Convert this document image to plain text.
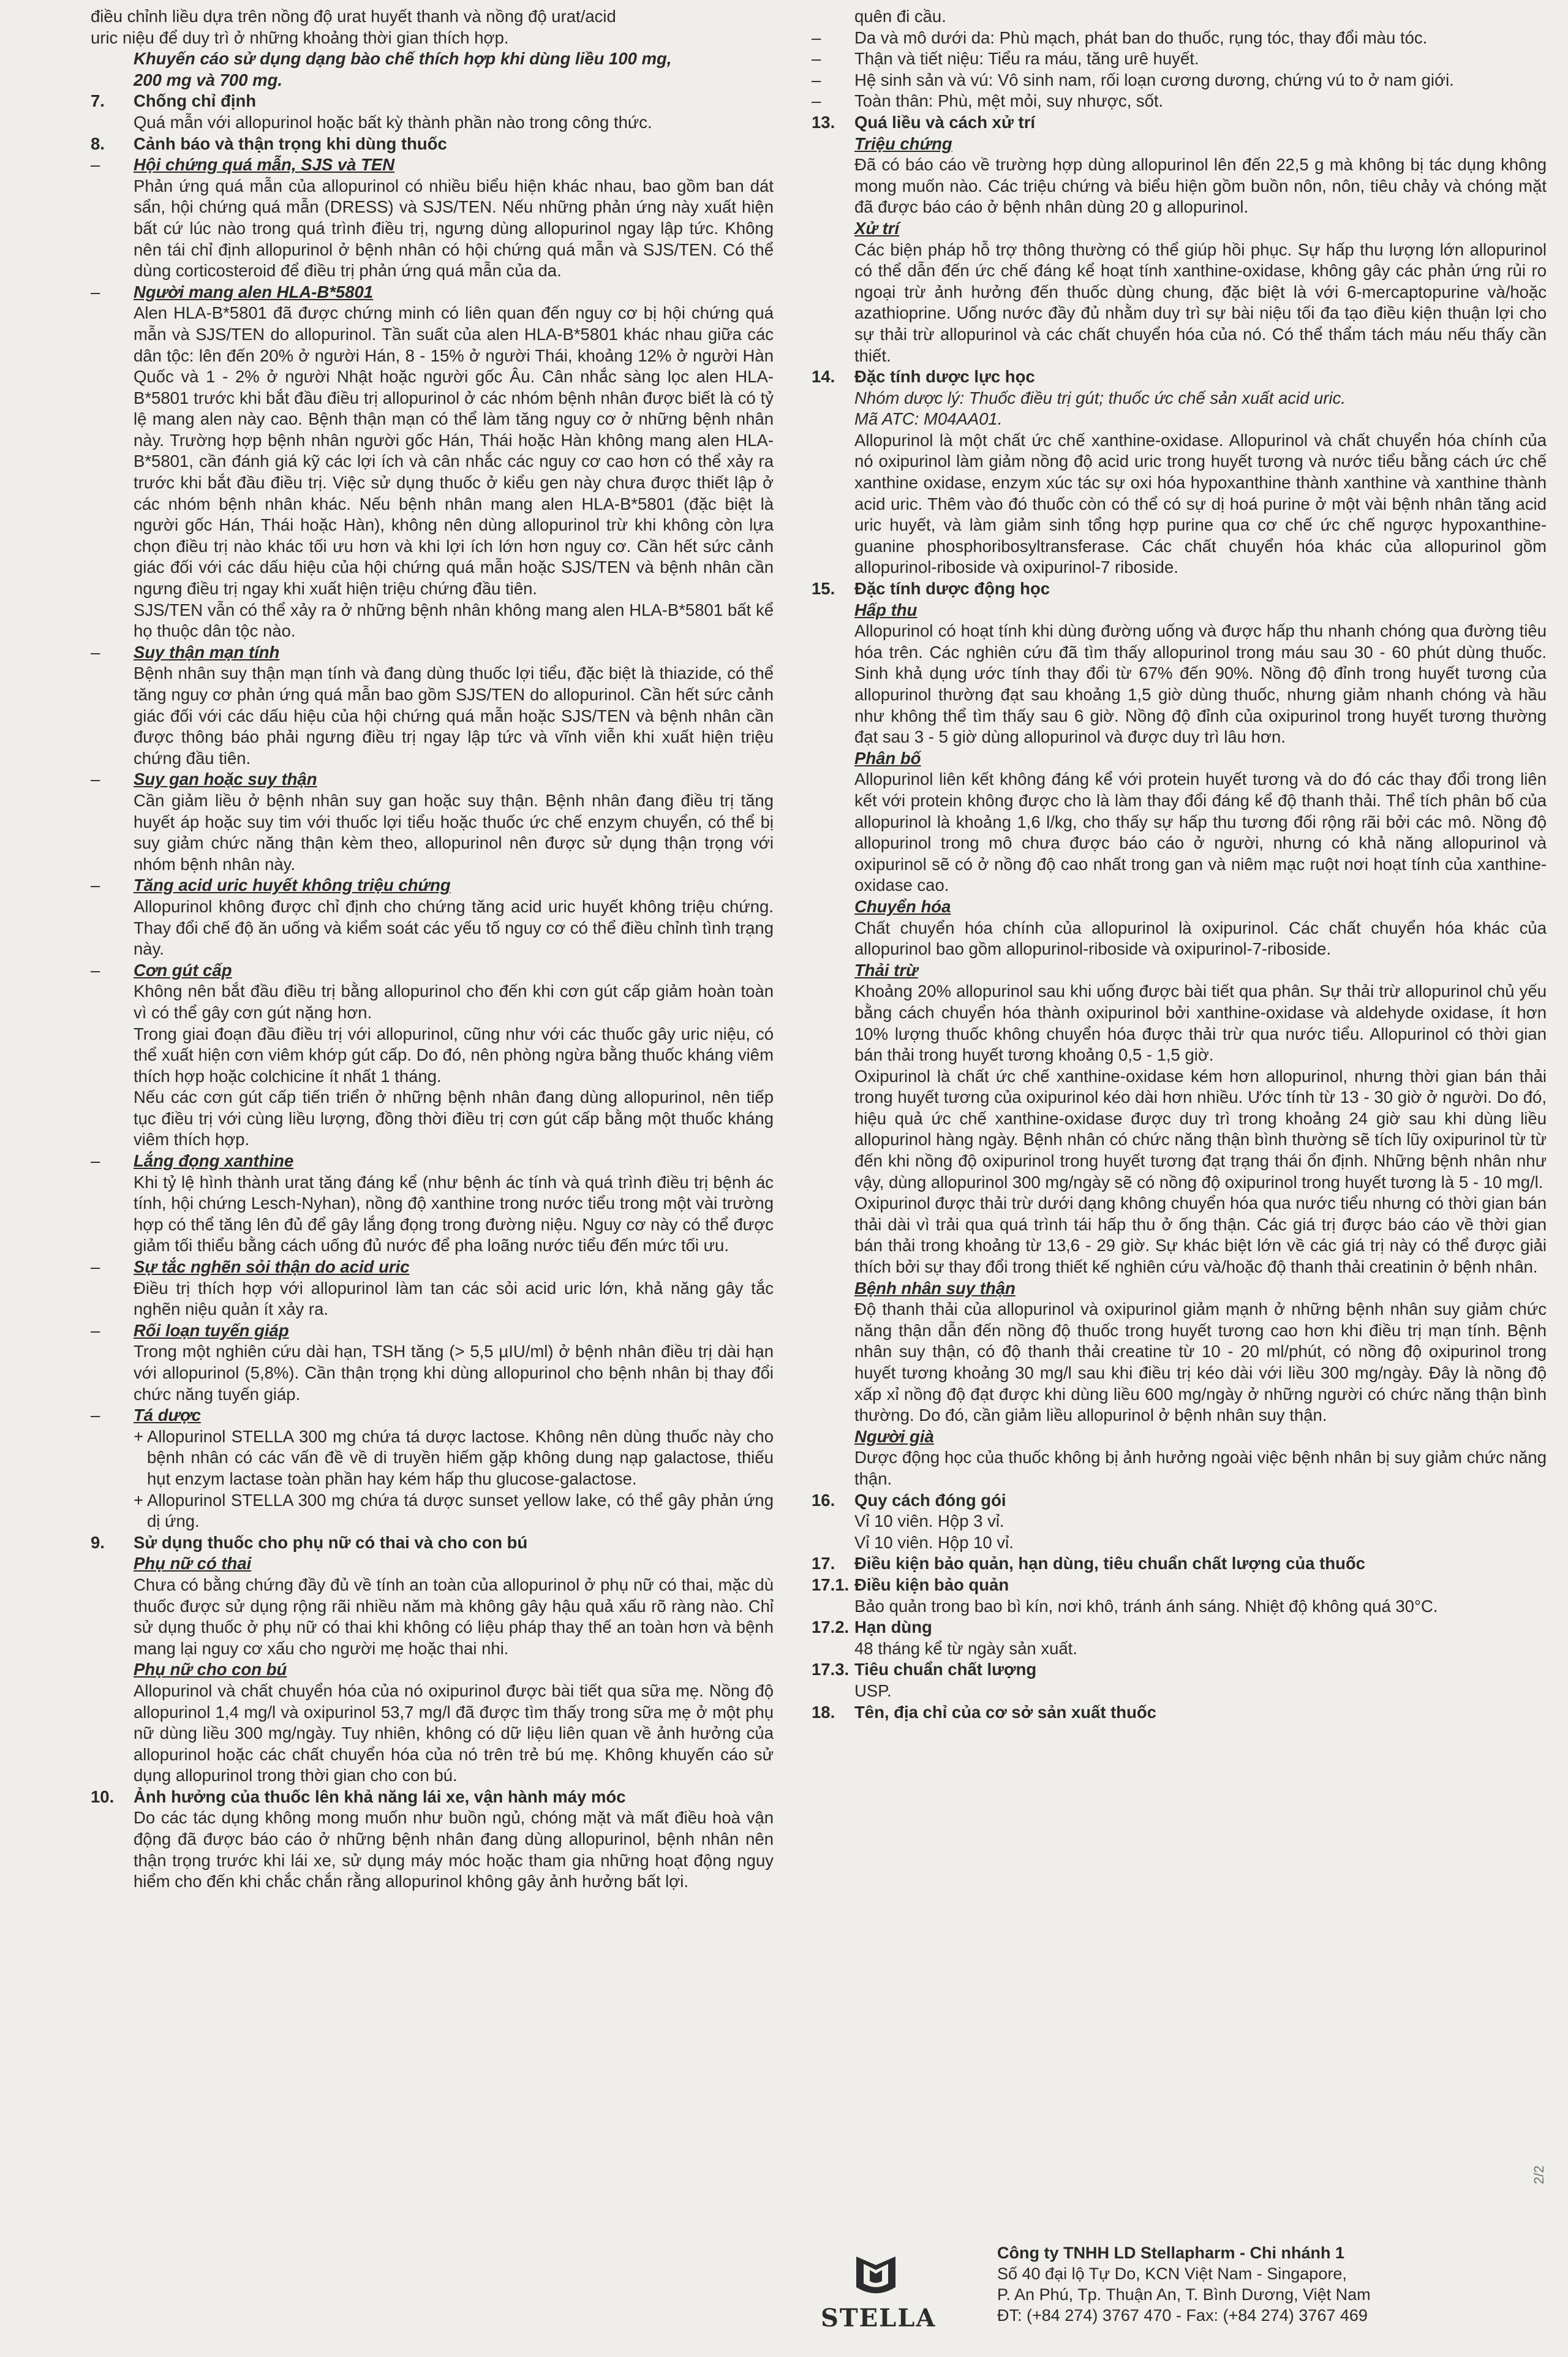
điều chỉnh liều dựa trên nồng độ urat huyết thanh và nồng độ urat/acid

uric niệu để duy trì ở những khoảng thời gian thích hợp.

Khuyến cáo sử dụng dạng bào chế thích hợp khi dùng liều 100 mg,

200 mg và 700 mg.

7. Chống chỉ định

Quá mẫn với allopurinol hoặc bất kỳ thành phần nào trong công thức.

8. Cảnh báo và thận trọng khi dùng thuốc

– Hội chứng quá mẫn, SJS và TEN

Phản ứng quá mẫn của allopurinol có nhiều biểu hiện khác nhau, bao gồm ban dát sẩn, hội chứng quá mẫn (DRESS) và SJS/TEN. Nếu những phản ứng này xuất hiện bất cứ lúc nào trong quá trình điều trị, ngưng dùng allopurinol ngay lập tức. Không nên tái chỉ định allopurinol ở bệnh nhân có hội chứng quá mẫn và SJS/TEN. Có thể dùng corticosteroid để điều trị phản ứng quá mẫn của da.

– Người mang alen HLA-B*5801

Alen HLA-B*5801 đã được chứng minh có liên quan đến nguy cơ bị hội chứng quá mẫn và SJS/TEN do allopurinol. Tần suất của alen HLA-B*5801 khác nhau giữa các dân tộc: lên đến 20% ở người Hán, 8 - 15% ở người Thái, khoảng 12% ở người Hàn Quốc và 1 - 2% ở người Nhật hoặc người gốc Âu. Cân nhắc sàng lọc alen HLA-B*5801 trước khi bắt đầu điều trị allopurinol ở các nhóm bệnh nhân được biết là có tỷ lệ mang alen này cao. Bệnh thận mạn có thể làm tăng nguy cơ ở những bệnh nhân này. Trường hợp bệnh nhân người gốc Hán, Thái hoặc Hàn không mang alen HLA-B*5801, cần đánh giá kỹ các lợi ích và cân nhắc các nguy cơ cao hơn có thể xảy ra trước khi bắt đầu điều trị. Việc sử dụng thuốc ở kiểu gen này chưa được thiết lập ở các nhóm bệnh nhân khác. Nếu bệnh nhân mang alen HLA-B*5801 (đặc biệt là người gốc Hán, Thái hoặc Hàn), không nên dùng allopurinol trừ khi không còn lựa chọn điều trị nào khác tối ưu hơn và khi lợi ích lớn hơn nguy cơ. Cần hết sức cảnh giác đối với các dấu hiệu của hội chứng quá mẫn hoặc SJS/TEN và bệnh nhân cần ngưng điều trị ngay khi xuất hiện triệu chứng đầu tiên.

SJS/TEN vẫn có thể xảy ra ở những bệnh nhân không mang alen HLA-B*5801 bất kể họ thuộc dân tộc nào.

– Suy thận mạn tính

Bệnh nhân suy thận mạn tính và đang dùng thuốc lợi tiểu, đặc biệt là thiazide, có thể tăng nguy cơ phản ứng quá mẫn bao gồm SJS/TEN do allopurinol. Cần hết sức cảnh giác đối với các dấu hiệu của hội chứng quá mẫn hoặc SJS/TEN và bệnh nhân cần được thông báo phải ngưng điều trị ngay lập tức và vĩnh viễn khi xuất hiện triệu chứng đầu tiên.

– Suy gan hoặc suy thận

Cần giảm liều ở bệnh nhân suy gan hoặc suy thận. Bệnh nhân đang điều trị tăng huyết áp hoặc suy tim với thuốc lợi tiểu hoặc thuốc ức chế enzym chuyển, có thể bị suy giảm chức năng thận kèm theo, allopurinol nên được sử dụng thận trọng với nhóm bệnh nhân này.

– Tăng acid uric huyết không triệu chứng

Allopurinol không được chỉ định cho chứng tăng acid uric huyết không triệu chứng. Thay đổi chế độ ăn uống và kiểm soát các yếu tố nguy cơ có thể điều chỉnh tình trạng này.

– Cơn gút cấp

Không nên bắt đầu điều trị bằng allopurinol cho đến khi cơn gút cấp giảm hoàn toàn vì có thể gây cơn gút nặng hơn.

Trong giai đoạn đầu điều trị với allopurinol, cũng như với các thuốc gây uric niệu, có thể xuất hiện cơn viêm khớp gút cấp. Do đó, nên phòng ngừa bằng thuốc kháng viêm thích hợp hoặc colchicine ít nhất 1 tháng.

Nếu các cơn gút cấp tiến triển ở những bệnh nhân đang dùng allopurinol, nên tiếp tục điều trị với cùng liều lượng, đồng thời điều trị cơn gút cấp bằng một thuốc kháng viêm thích hợp.

– Lắng đọng xanthine

Khi tỷ lệ hình thành urat tăng đáng kể (như bệnh ác tính và quá trình điều trị bệnh ác tính, hội chứng Lesch-Nyhan), nồng độ xanthine trong nước tiểu trong một vài trường hợp có thể tăng lên đủ để gây lắng đọng trong đường niệu. Nguy cơ này có thể được giảm tối thiểu bằng cách uống đủ nước để pha loãng nước tiểu đến mức tối ưu.

– Sự tắc nghẽn sỏi thận do acid uric

Điều trị thích hợp với allopurinol làm tan các sỏi acid uric lớn, khả năng gây tắc nghẽn niệu quản ít xảy ra.

– Rối loạn tuyến giáp

Trong một nghiên cứu dài hạn, TSH tăng (> 5,5 µIU/ml) ở bệnh nhân điều trị dài hạn với allopurinol (5,8%). Cần thận trọng khi dùng allopurinol cho bệnh nhân bị thay đổi chức năng tuyến giáp.

– Tá dược

+ Allopurinol STELLA 300 mg chứa tá dược lactose. Không nên dùng thuốc này cho bệnh nhân có các vấn đề về di truyền hiếm gặp không dung nạp galactose, thiếu hụt enzym lactase toàn phần hay kém hấp thu glucose-galactose.

+ Allopurinol STELLA 300 mg chứa tá dược sunset yellow lake, có thể gây phản ứng dị ứng.

9. Sử dụng thuốc cho phụ nữ có thai và cho con bú

Phụ nữ có thai

Chưa có bằng chứng đầy đủ về tính an toàn của allopurinol ở phụ nữ có thai, mặc dù thuốc được sử dụng rộng rãi nhiều năm mà không gây hậu quả xấu rõ ràng nào. Chỉ sử dụng thuốc ở phụ nữ có thai khi không có liệu pháp thay thế an toàn hơn và bệnh mang lại nguy cơ xấu cho người mẹ hoặc thai nhi.

Phụ nữ cho con bú

Allopurinol và chất chuyển hóa của nó oxipurinol được bài tiết qua sữa mẹ. Nồng độ allopurinol 1,4 mg/l và oxipurinol 53,7 mg/l đã được tìm thấy trong sữa mẹ ở một phụ nữ dùng liều 300 mg/ngày. Tuy nhiên, không có dữ liệu liên quan về ảnh hưởng của allopurinol hoặc các chất chuyển hóa của nó trên trẻ bú mẹ. Không khuyến cáo sử dụng allopurinol trong thời gian cho con bú.

10. Ảnh hưởng của thuốc lên khả năng lái xe, vận hành máy móc

Do các tác dụng không mong muốn như buồn ngủ, chóng mặt và mất điều hoà vận động đã được báo cáo ở những bệnh nhân đang dùng allopurinol, bệnh nhân nên thận trọng trước khi lái xe, sử dụng máy móc hoặc tham gia những hoạt động nguy hiểm cho đến khi chắc chắn rằng allopurinol không gây ảnh hưởng bất lợi.

quên đi cầu.

– Da và mô dưới da: Phù mạch, phát ban do thuốc, rụng tóc, thay đổi màu tóc.

– Thận và tiết niệu: Tiểu ra máu, tăng urê huyết.

– Hệ sinh sản và vú: Vô sinh nam, rối loạn cương dương, chứng vú to ở nam giới.

– Toàn thân: Phù, mệt mỏi, suy nhược, sốt.

13. Quá liều và cách xử trí

Triệu chứng

Đã có báo cáo về trường hợp dùng allopurinol lên đến 22,5 g mà không bị tác dụng không mong muốn nào. Các triệu chứng và biểu hiện gồm buồn nôn, nôn, tiêu chảy và chóng mặt đã được báo cáo ở bệnh nhân dùng 20 g allopurinol.

Xử trí

Các biện pháp hỗ trợ thông thường có thể giúp hồi phục. Sự hấp thu lượng lớn allopurinol có thể dẫn đến ức chế đáng kể hoạt tính xanthine-oxidase, không gây các phản ứng rủi ro ngoại trừ ảnh hưởng đến thuốc dùng chung, đặc biệt là với 6-mercaptopurine và/hoặc azathioprine. Uống nước đầy đủ nhằm duy trì sự bài niệu tối đa tạo điều kiện thuận lợi cho sự thải trừ allopurinol và các chất chuyển hóa của nó. Có thể thẩm tách máu nếu thấy cần thiết.

14. Đặc tính dược lực học

Nhóm dược lý: Thuốc điều trị gút; thuốc ức chế sản xuất acid uric.

Mã ATC: M04AA01.

Allopurinol là một chất ức chế xanthine-oxidase. Allopurinol và chất chuyển hóa chính của nó oxipurinol làm giảm nồng độ acid uric trong huyết tương và nước tiểu bằng cách ức chế xanthine oxidase, enzym xúc tác sự oxi hóa hypoxanthine thành xanthine và xanthine thành acid uric. Thêm vào đó thuốc còn có thể có sự dị hoá purine ở một vài bệnh nhân tăng acid uric huyết, và làm giảm sinh tổng hợp purine qua cơ chế ức chế ngược hypoxanthine-guanine phosphoribosyltransferase. Các chất chuyển hóa khác của allopurinol gồm allopurinol-riboside và oxipurinol-7 riboside.

15. Đặc tính dược động học

Hấp thu

Allopurinol có hoạt tính khi dùng đường uống và được hấp thu nhanh chóng qua đường tiêu hóa trên. Các nghiên cứu đã tìm thấy allopurinol trong máu sau 30 - 60 phút dùng thuốc. Sinh khả dụng ước tính thay đổi từ 67% đến 90%. Nồng độ đỉnh trong huyết tương của allopurinol thường đạt sau khoảng 1,5 giờ dùng thuốc, nhưng giảm nhanh chóng và hầu như không thể tìm thấy sau 6 giờ. Nồng độ đỉnh của oxipurinol trong huyết tương thường đạt sau 3 - 5 giờ dùng allopurinol và được duy trì lâu hơn.

Phân bố

Allopurinol liên kết không đáng kể với protein huyết tương và do đó các thay đổi trong liên kết với protein không được cho là làm thay đổi đáng kể độ thanh thải. Thể tích phân bố của allopurinol là khoảng 1,6 l/kg, cho thấy sự hấp thu tương đối rộng rãi bởi các mô. Nồng độ allopurinol trong mô chưa được báo cáo ở người, nhưng có khả năng allopurinol và oxipurinol sẽ có ở nồng độ cao nhất trong gan và niêm mạc ruột nơi hoạt tính của xanthine-oxidase cao.

Chuyển hóa

Chất chuyển hóa chính của allopurinol là oxipurinol. Các chất chuyển hóa khác của allopurinol bao gồm allopurinol-riboside và oxipurinol-7-riboside.

Thải trừ

Khoảng 20% allopurinol sau khi uống được bài tiết qua phân. Sự thải trừ allopurinol chủ yếu bằng cách chuyển hóa thành oxipurinol bởi xanthine-oxidase và aldehyde oxidase, ít hơn 10% lượng thuốc không chuyển hóa được thải trừ qua nước tiểu. Allopurinol có thời gian bán thải trong huyết tương khoảng 0,5 - 1,5 giờ.

Oxipurinol là chất ức chế xanthine-oxidase kém hơn allopurinol, nhưng thời gian bán thải trong huyết tương của oxipurinol kéo dài hơn nhiều. Ước tính từ 13 - 30 giờ ở người. Do đó, hiệu quả ức chế xanthine-oxidase được duy trì trong khoảng 24 giờ sau khi dùng liều allopurinol hàng ngày. Bệnh nhân có chức năng thận bình thường sẽ tích lũy oxipurinol từ từ đến khi nồng độ oxipurinol trong huyết tương đạt trạng thái ổn định. Những bệnh nhân như vậy, dùng allopurinol 300 mg/ngày sẽ có nồng độ oxipurinol trong huyết tương là 5 - 10 mg/l.

Oxipurinol được thải trừ dưới dạng không chuyển hóa qua nước tiểu nhưng có thời gian bán thải dài vì trải qua quá trình tái hấp thu ở ống thận. Các giá trị được báo cáo về thời gian bán thải trong khoảng từ 13,6 - 29 giờ. Sự khác biệt lớn về các giá trị này có thể được giải thích bởi sự thay đổi trong thiết kế nghiên cứu và/hoặc độ thanh thải creatinin ở bệnh nhân.

Bệnh nhân suy thận

Độ thanh thải của allopurinol và oxipurinol giảm mạnh ở những bệnh nhân suy giảm chức năng thận dẫn đến nồng độ thuốc trong huyết tương cao hơn khi điều trị mạn tính. Bệnh nhân suy thận, có độ thanh thải creatine từ 10 - 20 ml/phút, có nồng độ oxipurinol trong huyết tương khoảng 30 mg/l sau khi điều trị kéo dài với liều 300 mg/ngày. Đây là nồng độ xấp xỉ nồng độ đạt được khi dùng liều 600 mg/ngày ở những người có chức năng thận bình thường. Do đó, cần giảm liều allopurinol ở bệnh nhân suy thận.

Người già

Dược động học của thuốc không bị ảnh hưởng ngoài việc bệnh nhân bị suy giảm chức năng thận.

16. Quy cách đóng gói

Vỉ 10 viên. Hộp 3 vỉ.

Vỉ 10 viên. Hộp 10 vỉ.

17. Điều kiện bảo quản, hạn dùng, tiêu chuẩn chất lượng của thuốc

17.1. Điều kiện bảo quản

Bảo quản trong bao bì kín, nơi khô, tránh ánh sáng. Nhiệt độ không quá 30°C.

17.2. Hạn dùng

48 tháng kể từ ngày sản xuất.

17.3. Tiêu chuẩn chất lượng

USP.

18. Tên, địa chỉ của cơ sở sản xuất thuốc

2/2
STELLA
Công ty TNHH LD Stellapharm - Chi nhánh 1
Số 40 đại lộ Tự Do, KCN Việt Nam - Singapore,
P. An Phú, Tp. Thuận An, T. Bình Dương, Việt Nam
ĐT: (+84 274) 3767 470 - Fax: (+84 274) 3767 469
